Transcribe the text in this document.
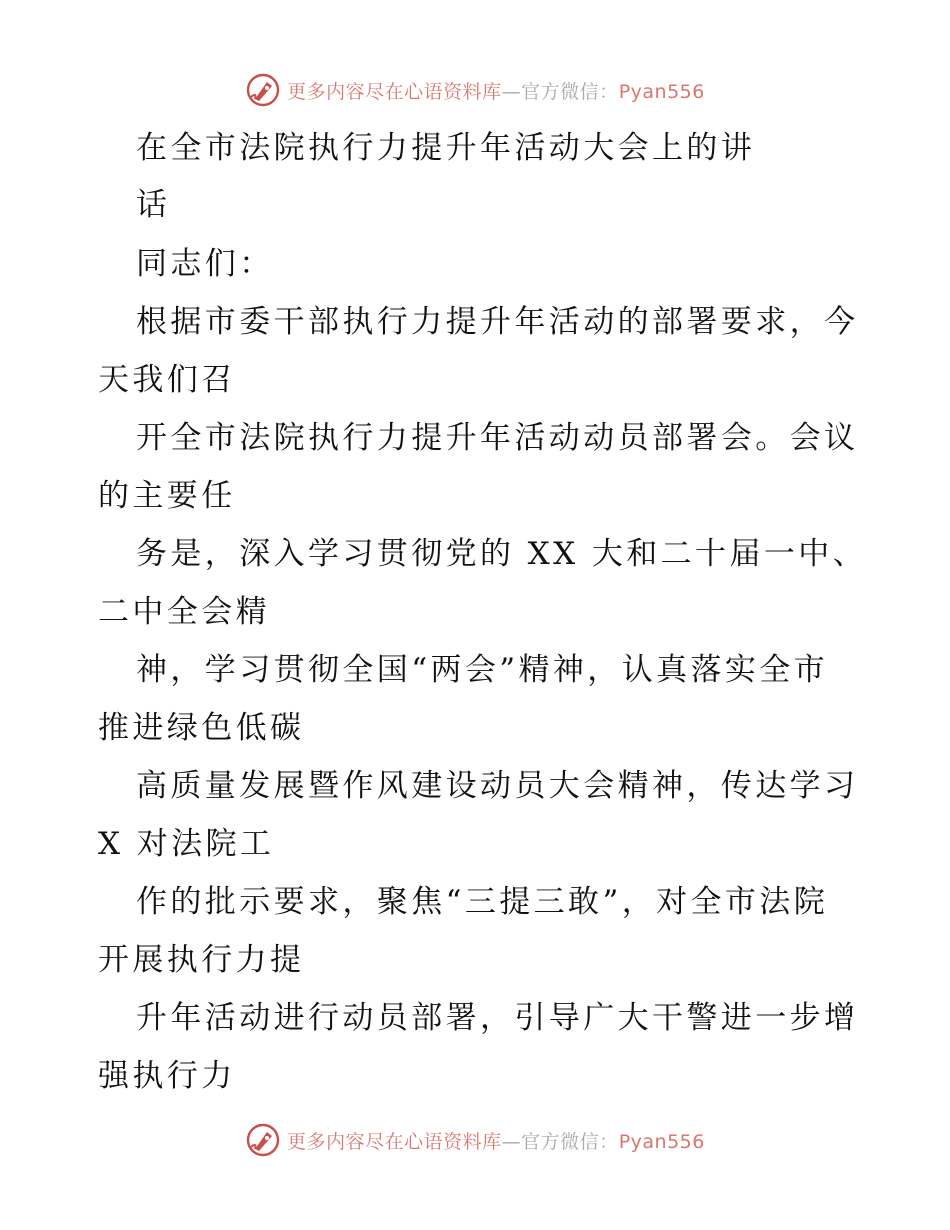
更多内容尽在心语资料库—官方微信：Pyan556
在全市法院执行力提升年活动大会上的讲
话
同志们：
根据市委干部执行力提升年活动的部署要求，今
天我们召
开全市法院执行力提升年活动动员部署会。会议
的主要任
务是，深入学习贯彻党的 XX 大和二十届一中、
二中全会精
神，学习贯彻全国“两会”精神，认真落实全市
推进绿色低碳
高质量发展暨作风建设动员大会精神，传达学习
X 对法院工
作的批示要求，聚焦“三提三敢”，对全市法院
开展执行力提
升年活动进行动员部署，引导广大干警进一步增
强执行力
更多内容尽在心语资料库—官方微信：Pyan556
